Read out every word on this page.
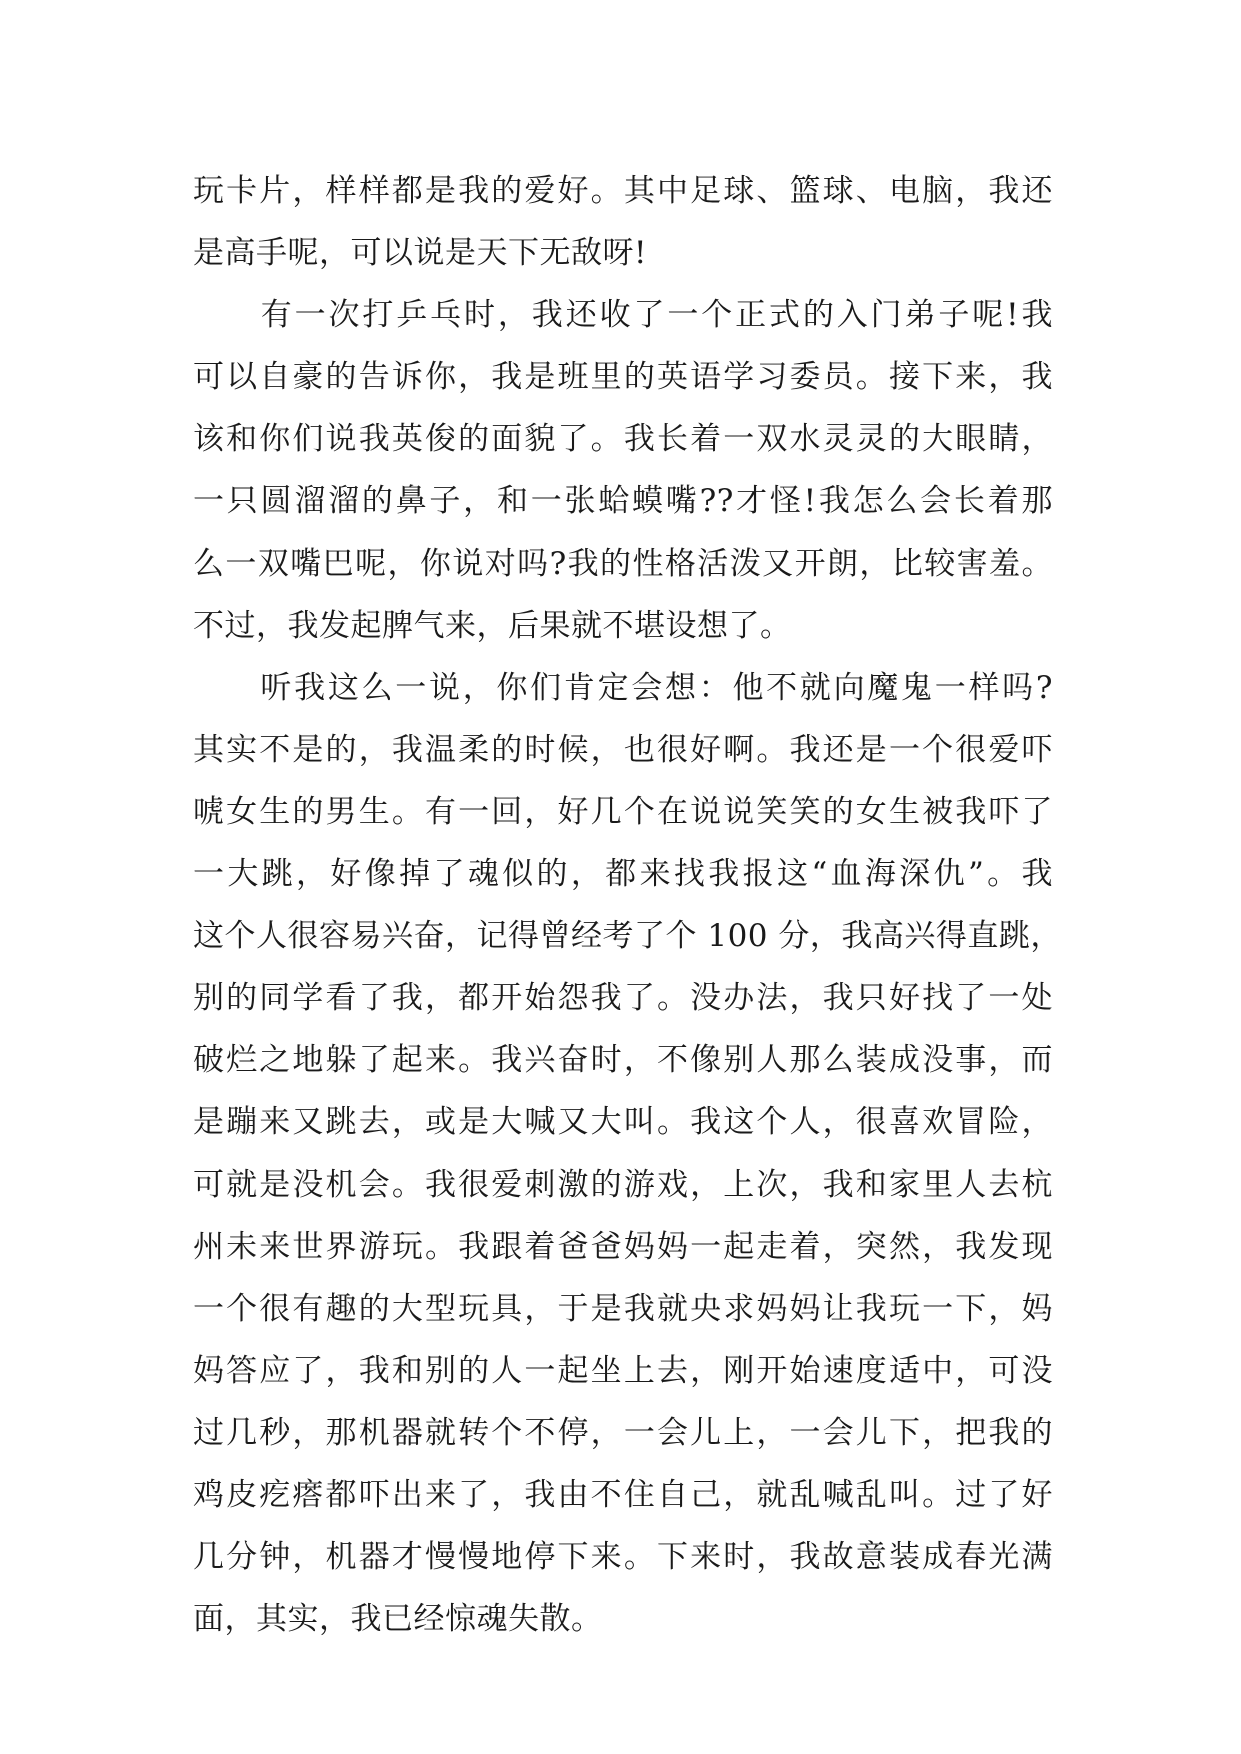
玩卡片，样样都是我的爱好。其中足球、篮球、电脑，我还
是高手呢，可以说是天下无敌呀!
　　有一次打乒乓时，我还收了一个正式的入门弟子呢!我
可以自豪的告诉你，我是班里的英语学习委员。接下来，我
该和你们说我英俊的面貌了。我长着一双水灵灵的大眼睛，
一只圆溜溜的鼻子，和一张蛤蟆嘴??才怪!我怎么会长着那
么一双嘴巴呢，你说对吗?我的性格活泼又开朗，比较害羞。
不过，我发起脾气来，后果就不堪设想了。
　　听我这么一说，你们肯定会想：他不就向魔鬼一样吗?
其实不是的，我温柔的时候，也很好啊。我还是一个很爱吓
唬女生的男生。有一回，好几个在说说笑笑的女生被我吓了
一大跳，好像掉了魂似的，都来找我报这“血海深仇”。我
这个人很容易兴奋，记得曾经考了个 100 分，我高兴得直跳，
别的同学看了我，都开始怨我了。没办法，我只好找了一处
破烂之地躲了起来。我兴奋时，不像别人那么装成没事，而
是蹦来又跳去，或是大喊又大叫。我这个人，很喜欢冒险，
可就是没机会。我很爱刺激的游戏，上次，我和家里人去杭
州未来世界游玩。我跟着爸爸妈妈一起走着，突然，我发现
一个很有趣的大型玩具，于是我就央求妈妈让我玩一下，妈
妈答应了，我和别的人一起坐上去，刚开始速度适中，可没
过几秒，那机器就转个不停，一会儿上，一会儿下，把我的
鸡皮疙瘩都吓出来了，我由不住自己，就乱喊乱叫。过了好
几分钟，机器才慢慢地停下来。下来时，我故意装成春光满
面，其实，我已经惊魂失散。
